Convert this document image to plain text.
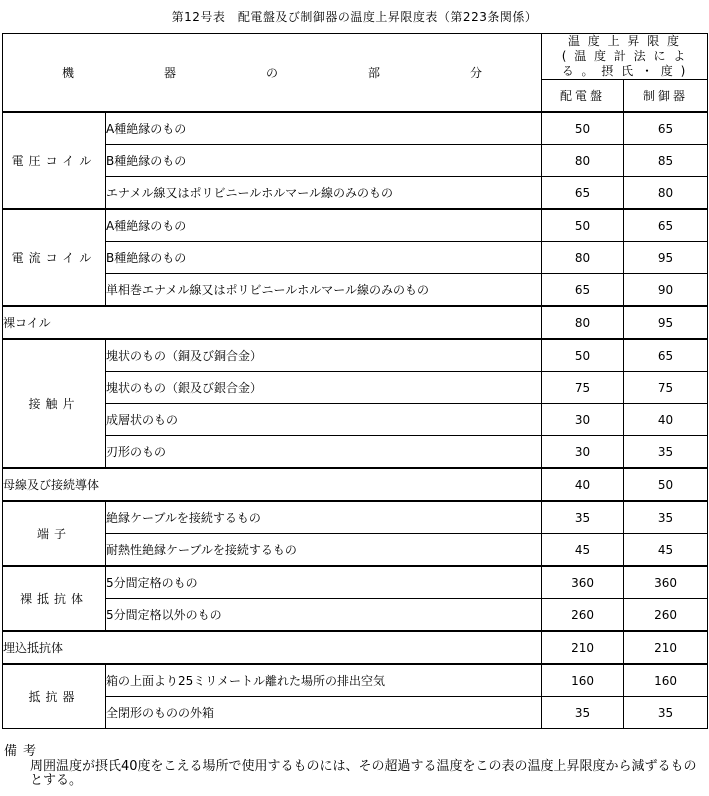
第12号表　配電盤及び制御器の温度上昇限度表（第223条関係）
機 器 の 部 分		温 度 上 昇 限 度
( 温 度 計 法 に よ
る 。 摂 氏 ・ 度 )	
		配電盤	制御器
電圧コイル	A種絶縁のもの	50	65
	B種絶縁のもの	80	85
	エナメル線又はポリビニールホルマール線のみのもの	65	80
電流コイル	A種絶縁のもの	50	65
	B種絶縁のもの	80	95
	単相巻エナメル線又はポリビニールホルマール線のみのもの	65	90
裸コイル		80	95
接触片	塊状のもの（銅及び銅合金）	50	65
	塊状のもの（銀及び銀合金）	75	75
	成層状のもの	30	40
	刃形のもの	30	35
母線及び接続導体		40	50
端子	絶縁ケーブルを接続するもの	35	35
	耐熱性絶縁ケーブルを接続するもの	45	45
裸抵抗体	5分間定格のもの	360	360
	5分間定格以外のもの	260	260
埋込抵抗体		210	210
抵抗器	箱の上面より25ミリメートル離れた場所の排出空気	160	160
	全閉形のものの外箱	35	35
備考
周囲温度が摂氏40度をこえる場所で使用するものには、その超過する温度をこの表の温度上昇限度から減ずるものとする。
